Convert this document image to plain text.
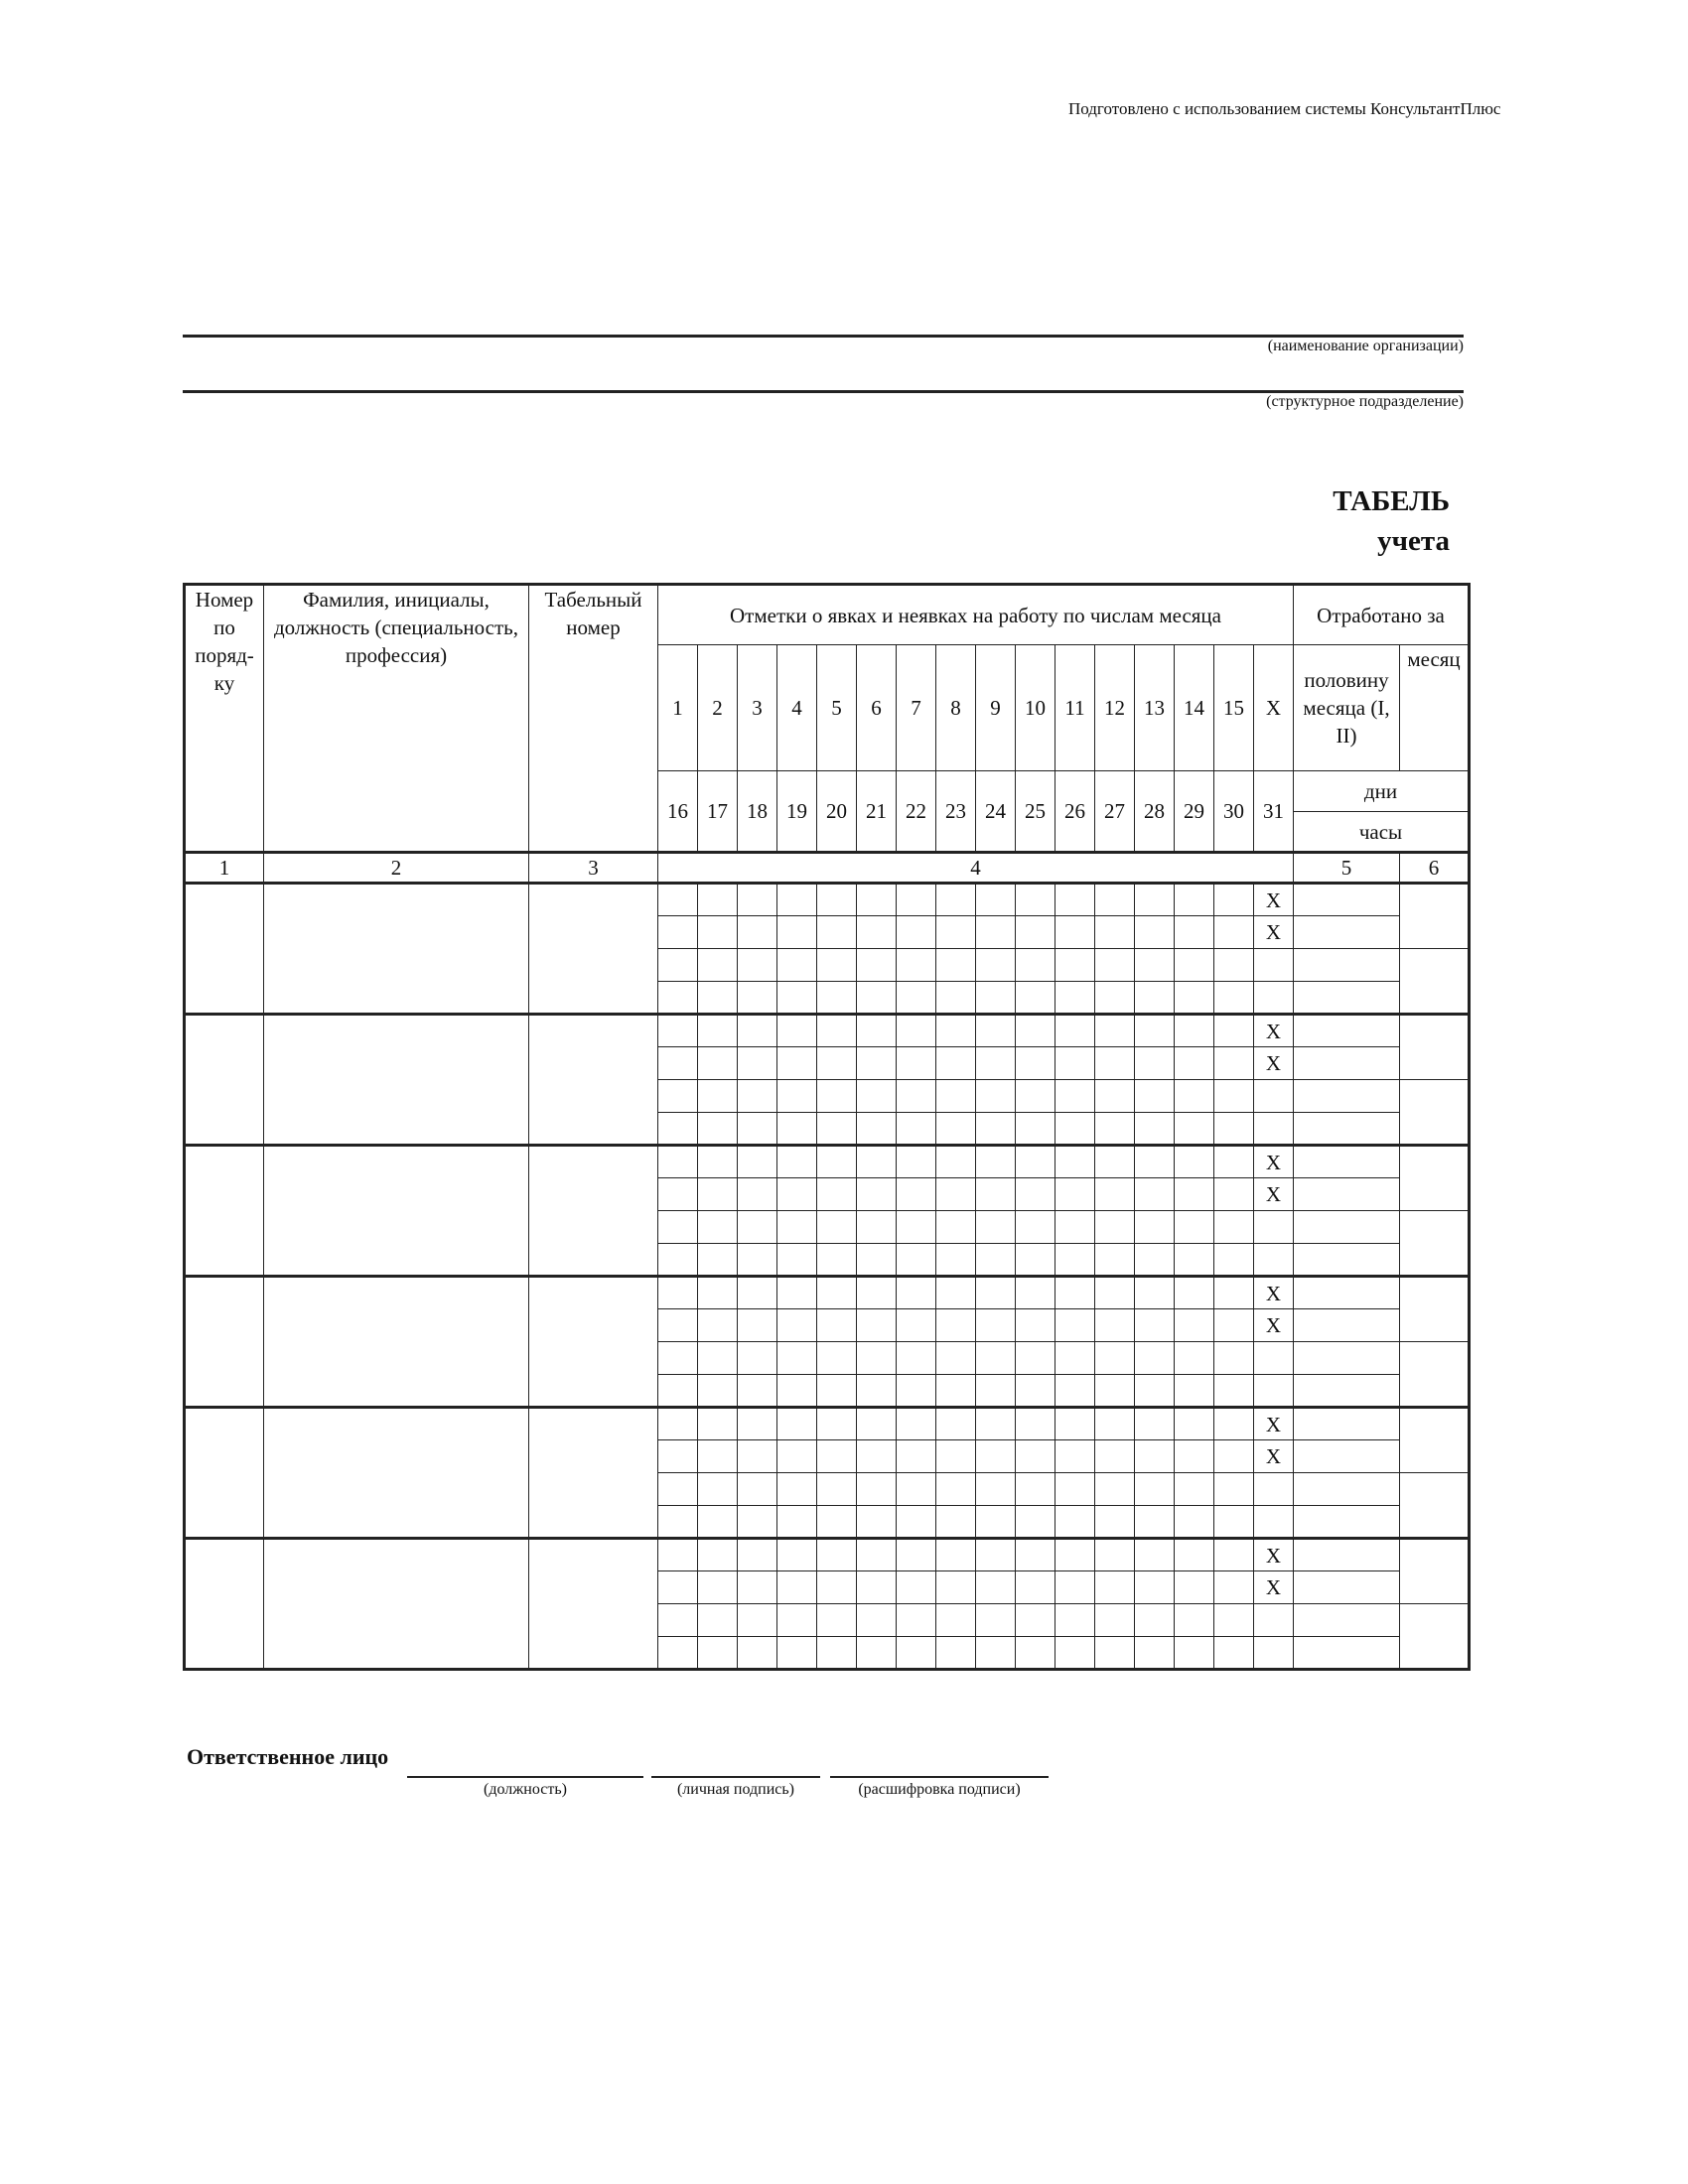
Подготовлено с использованием системы КонсультантПлюс
(наименование организации)
(структурное подразделение)
ТАБЕЛЬ
учета
Номер по поряд-ку	Фамилия, инициалы, должность (специальность, профессия)	Табельный номер	Отметки о явках и неявках на работу по числам месяца																Отработано за	
			1	2	3	4	5	6	7	8	9	10	11	12	13	14	15	X	половину месяца (I, II)	месяц
			16	17	18	19	20	21	22	23	24	25	26	27	28	29	30	31	дни	
																			часы	
1	2	3	4																5	6
																		X		
																		X		

																		X		
																		X		

																		X		
																		X		

																		X		
																		X		

																		X		
																		X		

																		X		
																		X		

Ответственное лицо
(должность)	(личная подпись)	(расшифровка подписи)
